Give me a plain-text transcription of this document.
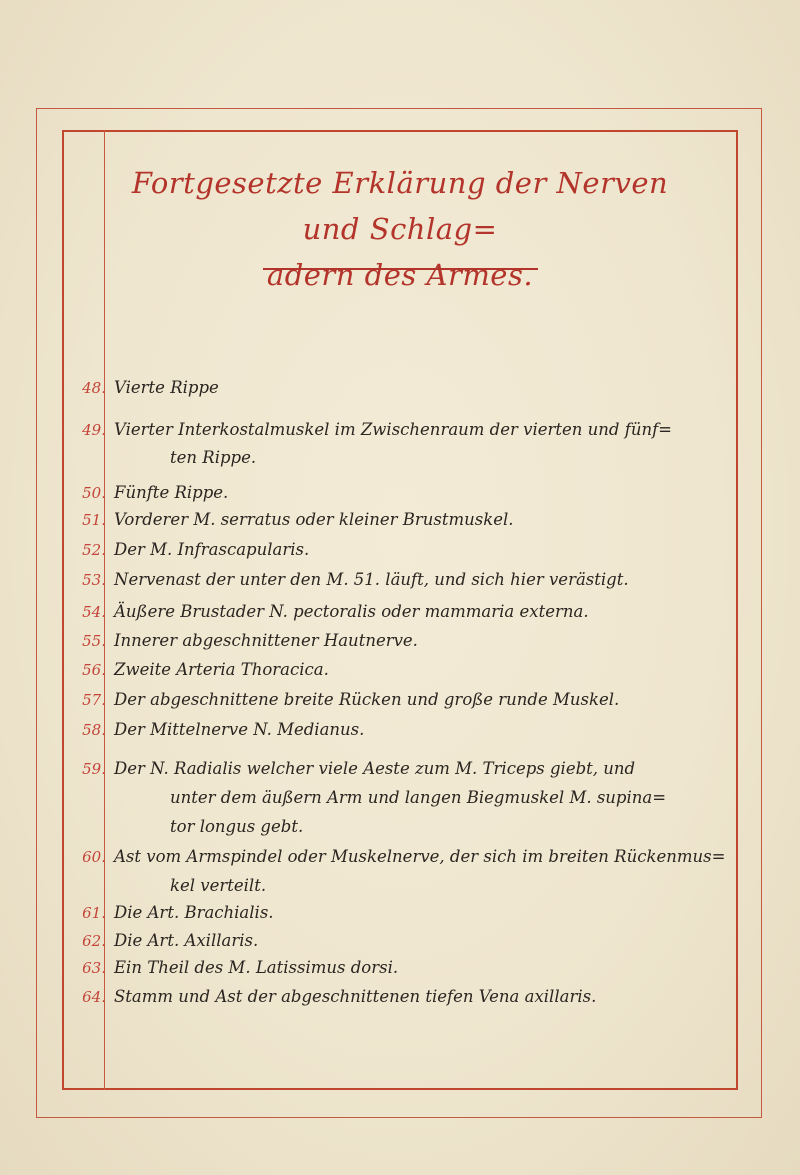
Fortgesetzte Erklärung der Nerven und Schlag=
adern des Armes.
48. Vierte Rippe
49. Vierter Interkostalmuskel im Zwischenraum der vierten und fünf=
ten Rippe.
50. Fünfte Rippe.
51. Vorderer M. serratus oder kleiner Brustmuskel.
52. Der M. Infrascapularis.
53. Nervenast der unter den M. 51. läuft, und sich hier verästigt.
54. Äußere Brustader N. pectoralis oder mammaria externa.
55. Innerer abgeschnittener Hautnerve.
56. Zweite Arteria Thoracica.
57. Der abgeschnittene breite Rücken und große runde Muskel.
58. Der Mittelnerve N. Medianus.
59. Der N. Radialis welcher viele Aeste zum M. Triceps giebt, und
unter dem äußern Arm und langen Biegmuskel M. supina=
tor longus gebt.
60. Ast vom Armspindel oder Muskelnerve, der sich im breiten Rückenmus=
kel verteilt.
61. Die Art. Brachialis.
62. Die Art. Axillaris.
63. Ein Theil des M. Latissimus dorsi.
64. Stamm und Ast der abgeschnittenen tiefen Vena axillaris.
